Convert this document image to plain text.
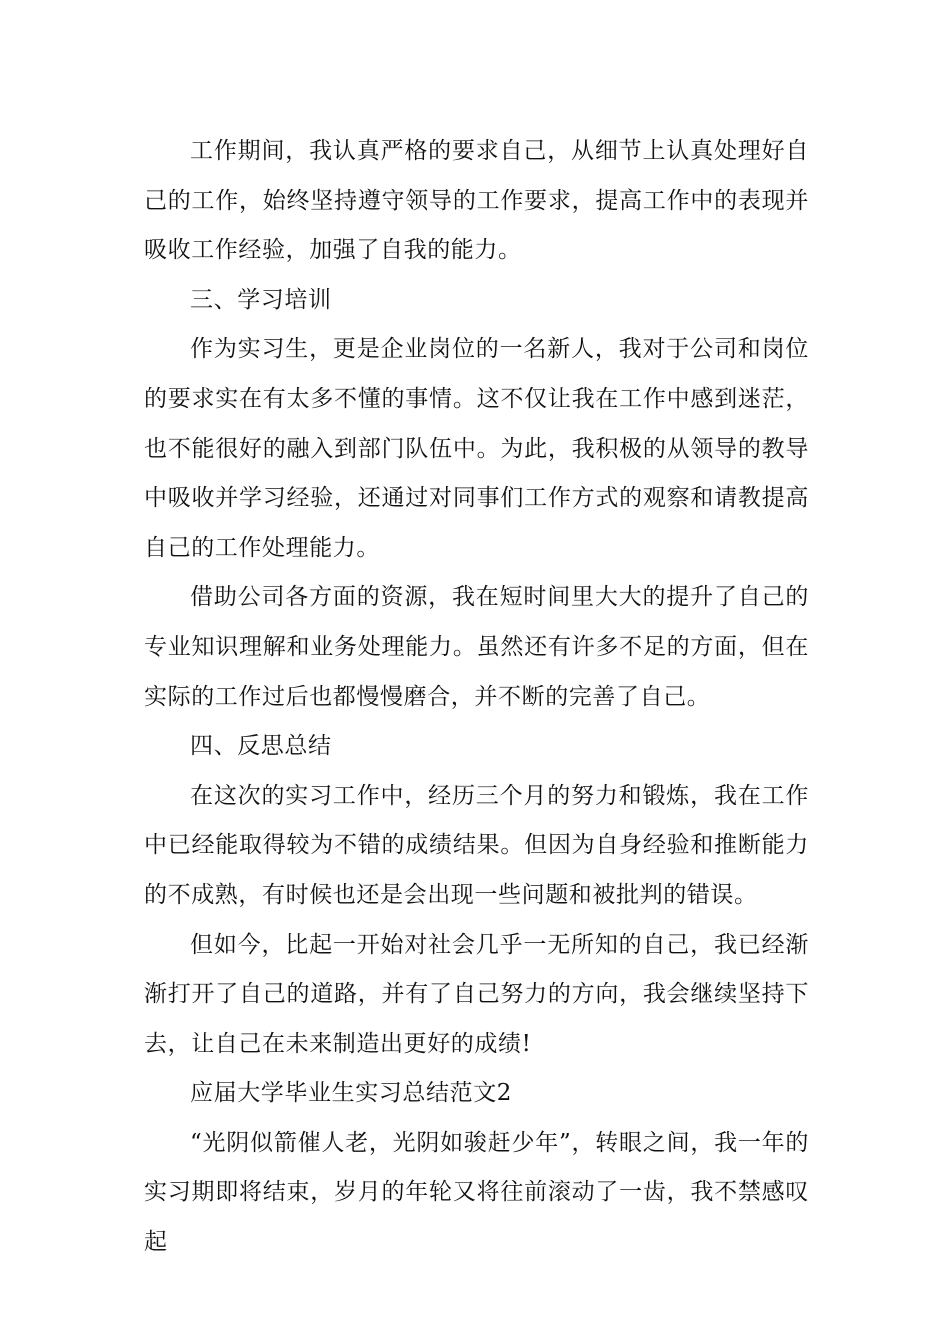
工作期间，我认真严格的要求自己，从细节上认真处理好自己的工作，始终坚持遵守领导的工作要求，提高工作中的表现并吸收工作经验，加强了自我的能力。

三、学习培训

作为实习生，更是企业岗位的一名新人，我对于公司和岗位的要求实在有太多不懂的事情。这不仅让我在工作中感到迷茫，也不能很好的融入到部门队伍中。为此，我积极的从领导的教导中吸收并学习经验，还通过对同事们工作方式的观察和请教提高自己的工作处理能力。

借助公司各方面的资源，我在短时间里大大的提升了自己的专业知识理解和业务处理能力。虽然还有许多不足的方面，但在实际的工作过后也都慢慢磨合，并不断的完善了自己。

四、反思总结

在这次的实习工作中，经历三个月的努力和锻炼，我在工作中已经能取得较为不错的成绩结果。但因为自身经验和推断能力的不成熟，有时候也还是会出现一些问题和被批判的错误。

但如今，比起一开始对社会几乎一无所知的自己，我已经渐渐打开了自己的道路，并有了自己努力的方向，我会继续坚持下去，让自己在未来制造出更好的成绩!

应届大学毕业生实习总结范文2

“光阴似箭催人老，光阴如骏赶少年”，转眼之间，我一年的实习期即将结束，岁月的年轮又将往前滚动了一齿，我不禁感叹起
